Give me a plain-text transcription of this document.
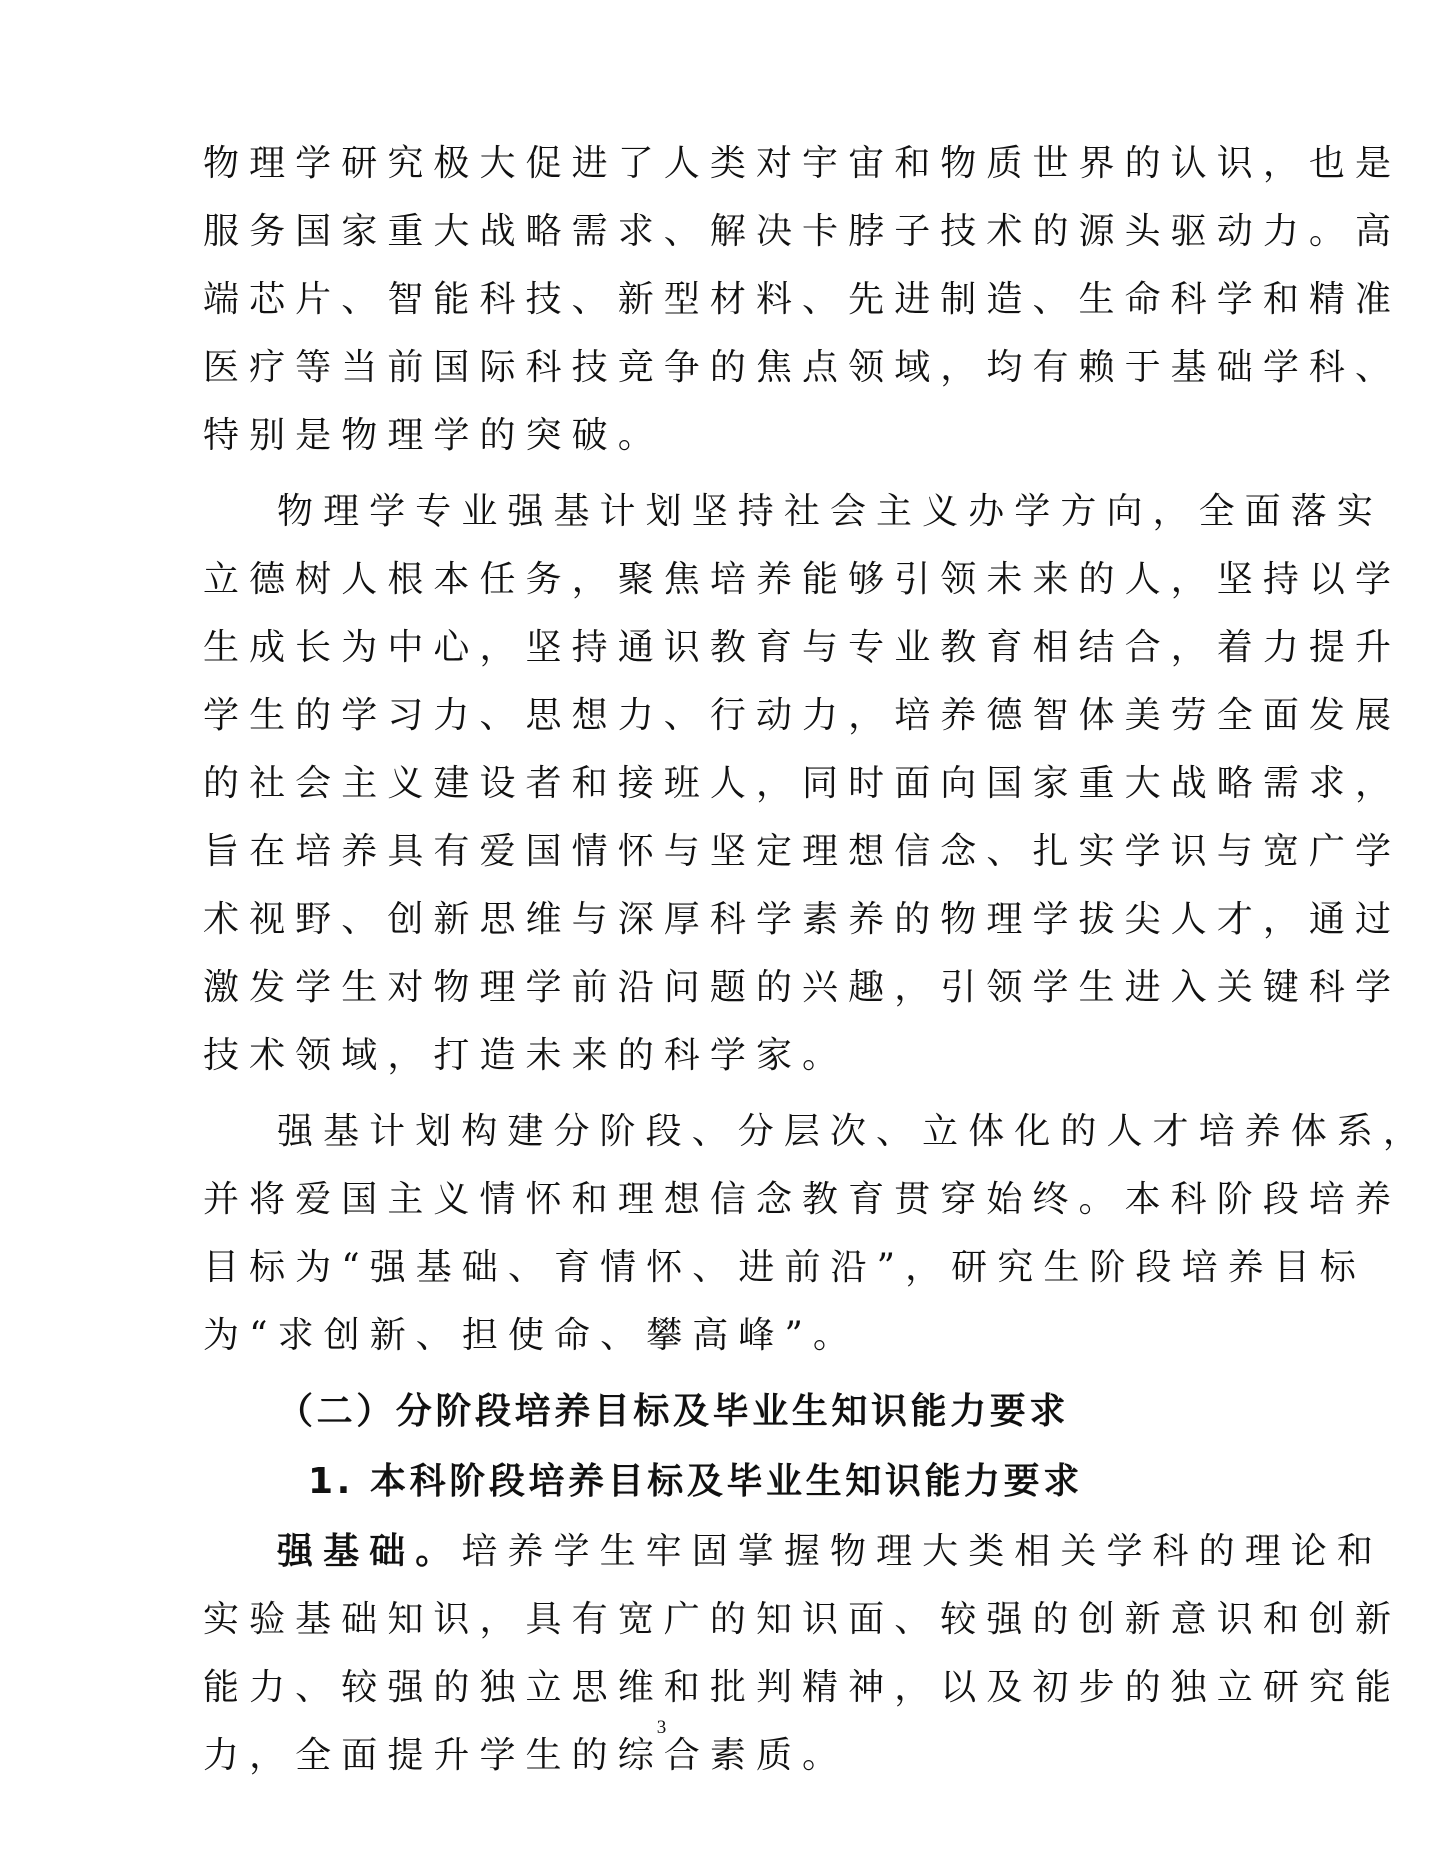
物理学研究极大促进了人类对宇宙和物质世界的认识，也是
服务国家重大战略需求、解决卡脖子技术的源头驱动力。高
端芯片、智能科技、新型材料、先进制造、生命科学和精准
医疗等当前国际科技竞争的焦点领域，均有赖于基础学科、
特别是物理学的突破。
物理学专业强基计划坚持社会主义办学方向，全面落实
立德树人根本任务，聚焦培养能够引领未来的人，坚持以学
生成长为中心，坚持通识教育与专业教育相结合，着力提升
学生的学习力、思想力、行动力，培养德智体美劳全面发展
的社会主义建设者和接班人，同时面向国家重大战略需求，
旨在培养具有爱国情怀与坚定理想信念、扎实学识与宽广学
术视野、创新思维与深厚科学素养的物理学拔尖人才，通过
激发学生对物理学前沿问题的兴趣，引领学生进入关键科学
技术领域，打造未来的科学家。
强基计划构建分阶段、分层次、立体化的人才培养体系，
并将爱国主义情怀和理想信念教育贯穿始终。本科阶段培养
目标为“强基础、育情怀、进前沿”，研究生阶段培养目标
为“求创新、担使命、攀高峰”。
（二）分阶段培养目标及毕业生知识能力要求
1. 本科阶段培养目标及毕业生知识能力要求
强基础。培养学生牢固掌握物理大类相关学科的理论和
实验基础知识，具有宽广的知识面、较强的创新意识和创新
能力、较强的独立思维和批判精神，以及初步的独立研究能
力，全面提升学生的综合素质。
3
